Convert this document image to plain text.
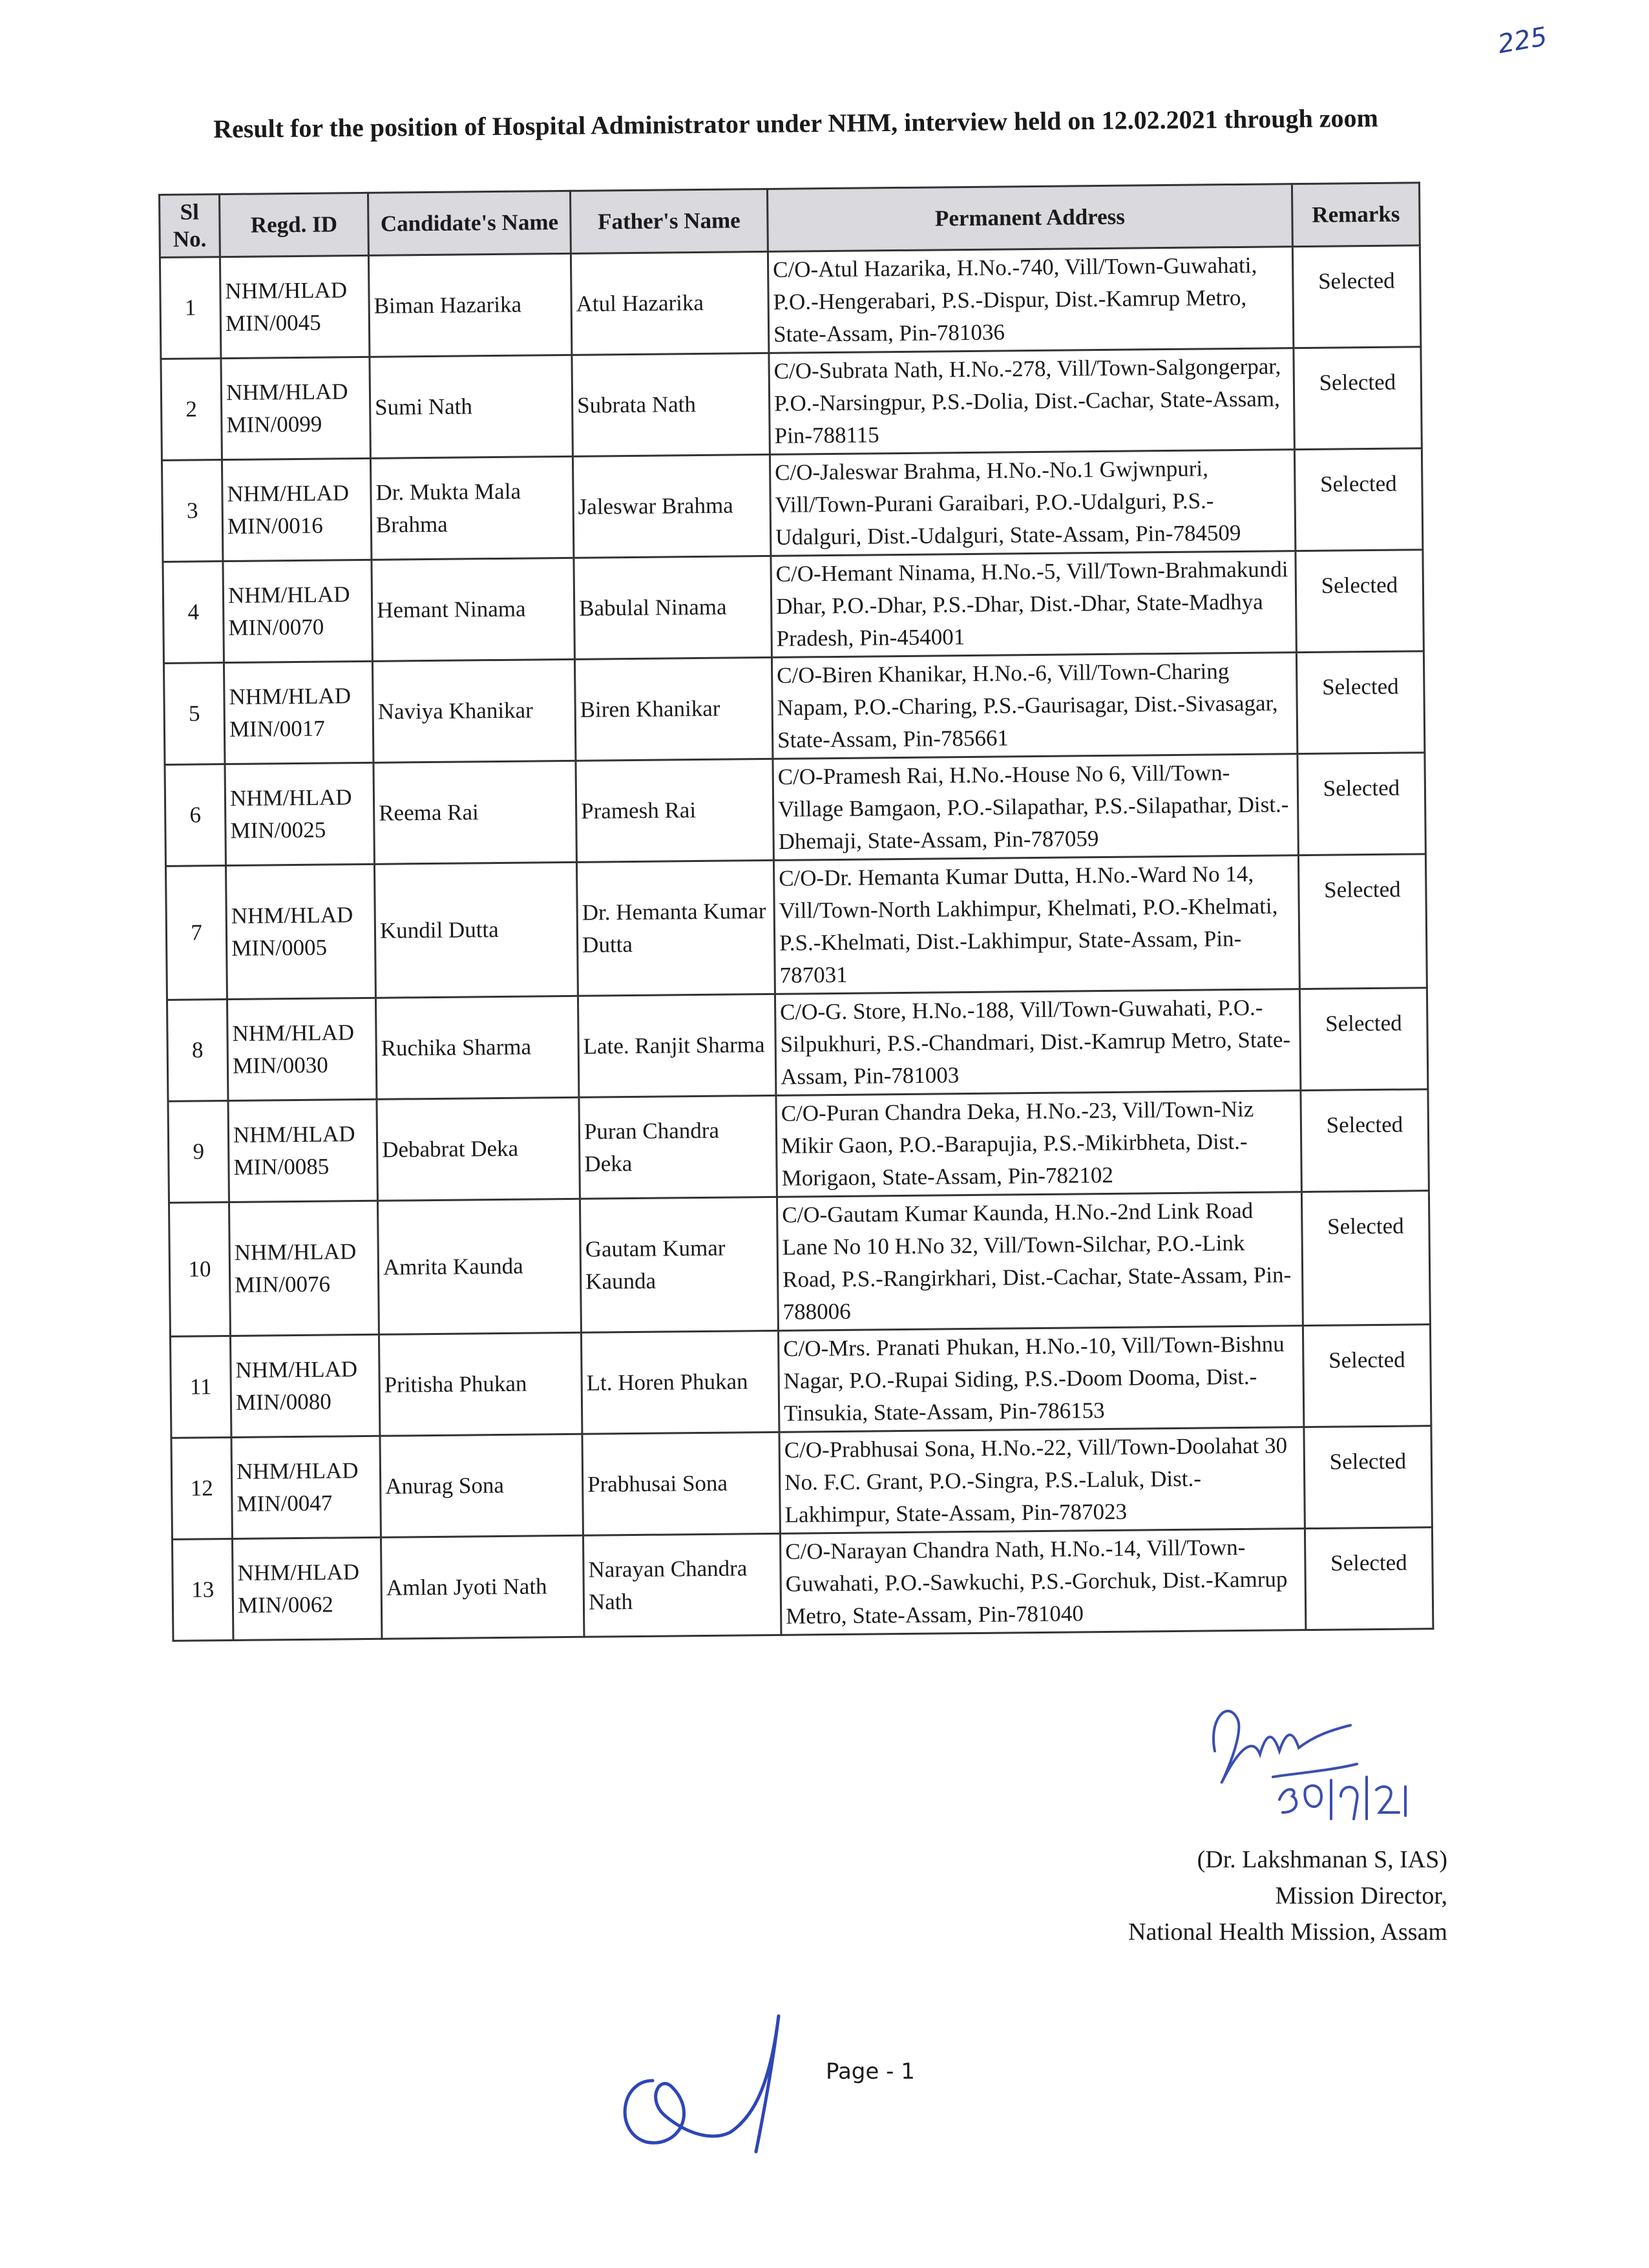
225
Result for the position of Hospital Administrator under NHM, interview held on 12.02.2021 through zoom
Sl No.	Regd. ID	Candidate's Name	Father's Name	Permanent Address	Remarks
1	NHM/HLAD MIN/0045	Biman Hazarika	Atul Hazarika	C/O-Atul Hazarika, H.No.-740, Vill/Town-Guwahati, P.O.-Hengerabari, P.S.-Dispur, Dist.-Kamrup Metro, State-Assam, Pin-781036	Selected
2	NHM/HLAD MIN/0099	Sumi Nath	Subrata Nath	C/O-Subrata Nath, H.No.-278, Vill/Town-Salgongerpar, P.O.-Narsingpur, P.S.-Dolia, Dist.-Cachar, State-Assam, Pin-788115	Selected
3	NHM/HLAD MIN/0016	Dr. Mukta Mala Brahma	Jaleswar Brahma	C/O-Jaleswar Brahma, H.No.-No.1 Gwjwnpuri, Vill/Town-Purani Garaibari, P.O.-Udalguri, P.S.-Udalguri, Dist.-Udalguri, State-Assam, Pin-784509	Selected
4	NHM/HLAD MIN/0070	Hemant Ninama	Babulal Ninama	C/O-Hemant Ninama, H.No.-5, Vill/Town-Brahmakundi Dhar, P.O.-Dhar, P.S.-Dhar, Dist.-Dhar, State-Madhya Pradesh, Pin-454001	Selected
5	NHM/HLAD MIN/0017	Naviya Khanikar	Biren Khanikar	C/O-Biren Khanikar, H.No.-6, Vill/Town-Charing Napam, P.O.-Charing, P.S.-Gaurisagar, Dist.-Sivasagar, State-Assam, Pin-785661	Selected
6	NHM/HLAD MIN/0025	Reema Rai	Pramesh Rai	C/O-Pramesh Rai, H.No.-House No 6, Vill/Town-Village Bamgaon, P.O.-Silapathar, P.S.-Silapathar, Dist.-Dhemaji, State-Assam, Pin-787059	Selected
7	NHM/HLAD MIN/0005	Kundil Dutta	Dr. Hemanta Kumar Dutta	C/O-Dr. Hemanta Kumar Dutta, H.No.-Ward No 14, Vill/Town-North Lakhimpur, Khelmati, P.O.-Khelmati, P.S.-Khelmati, Dist.-Lakhimpur, State-Assam, Pin-787031	Selected
8	NHM/HLAD MIN/0030	Ruchika Sharma	Late. Ranjit Sharma	C/O-G. Store, H.No.-188, Vill/Town-Guwahati, P.O.-Silpukhuri, P.S.-Chandmari, Dist.-Kamrup Metro, State-Assam, Pin-781003	Selected
9	NHM/HLAD MIN/0085	Debabrat Deka	Puran Chandra Deka	C/O-Puran Chandra Deka, H.No.-23, Vill/Town-Niz Mikir Gaon, P.O.-Barapujia, P.S.-Mikirbheta, Dist.-Morigaon, State-Assam, Pin-782102	Selected
10	NHM/HLAD MIN/0076	Amrita Kaunda	Gautam Kumar Kaunda	C/O-Gautam Kumar Kaunda, H.No.-2nd Link Road Lane No 10 H.No 32, Vill/Town-Silchar, P.O.-Link Road, P.S.-Rangirkhari, Dist.-Cachar, State-Assam, Pin-788006	Selected
11	NHM/HLAD MIN/0080	Pritisha Phukan	Lt. Horen Phukan	C/O-Mrs. Pranati Phukan, H.No.-10, Vill/Town-Bishnu Nagar, P.O.-Rupai Siding, P.S.-Doom Dooma, Dist.-Tinsukia, State-Assam, Pin-786153	Selected
12	NHM/HLAD MIN/0047	Anurag Sona	Prabhusai Sona	C/O-Prabhusai Sona, H.No.-22, Vill/Town-Doolahat 30 No. F.C. Grant, P.O.-Singra, P.S.-Laluk, Dist.-Lakhimpur, State-Assam, Pin-787023	Selected
13	NHM/HLAD MIN/0062	Amlan Jyoti Nath	Narayan Chandra Nath	C/O-Narayan Chandra Nath, H.No.-14, Vill/Town-Guwahati, P.O.-Sawkuchi, P.S.-Gorchuk, Dist.-Kamrup Metro, State-Assam, Pin-781040	Selected
(Dr. Lakshmanan S, IAS)
Mission Director,
National Health Mission, Assam
Page - 1
